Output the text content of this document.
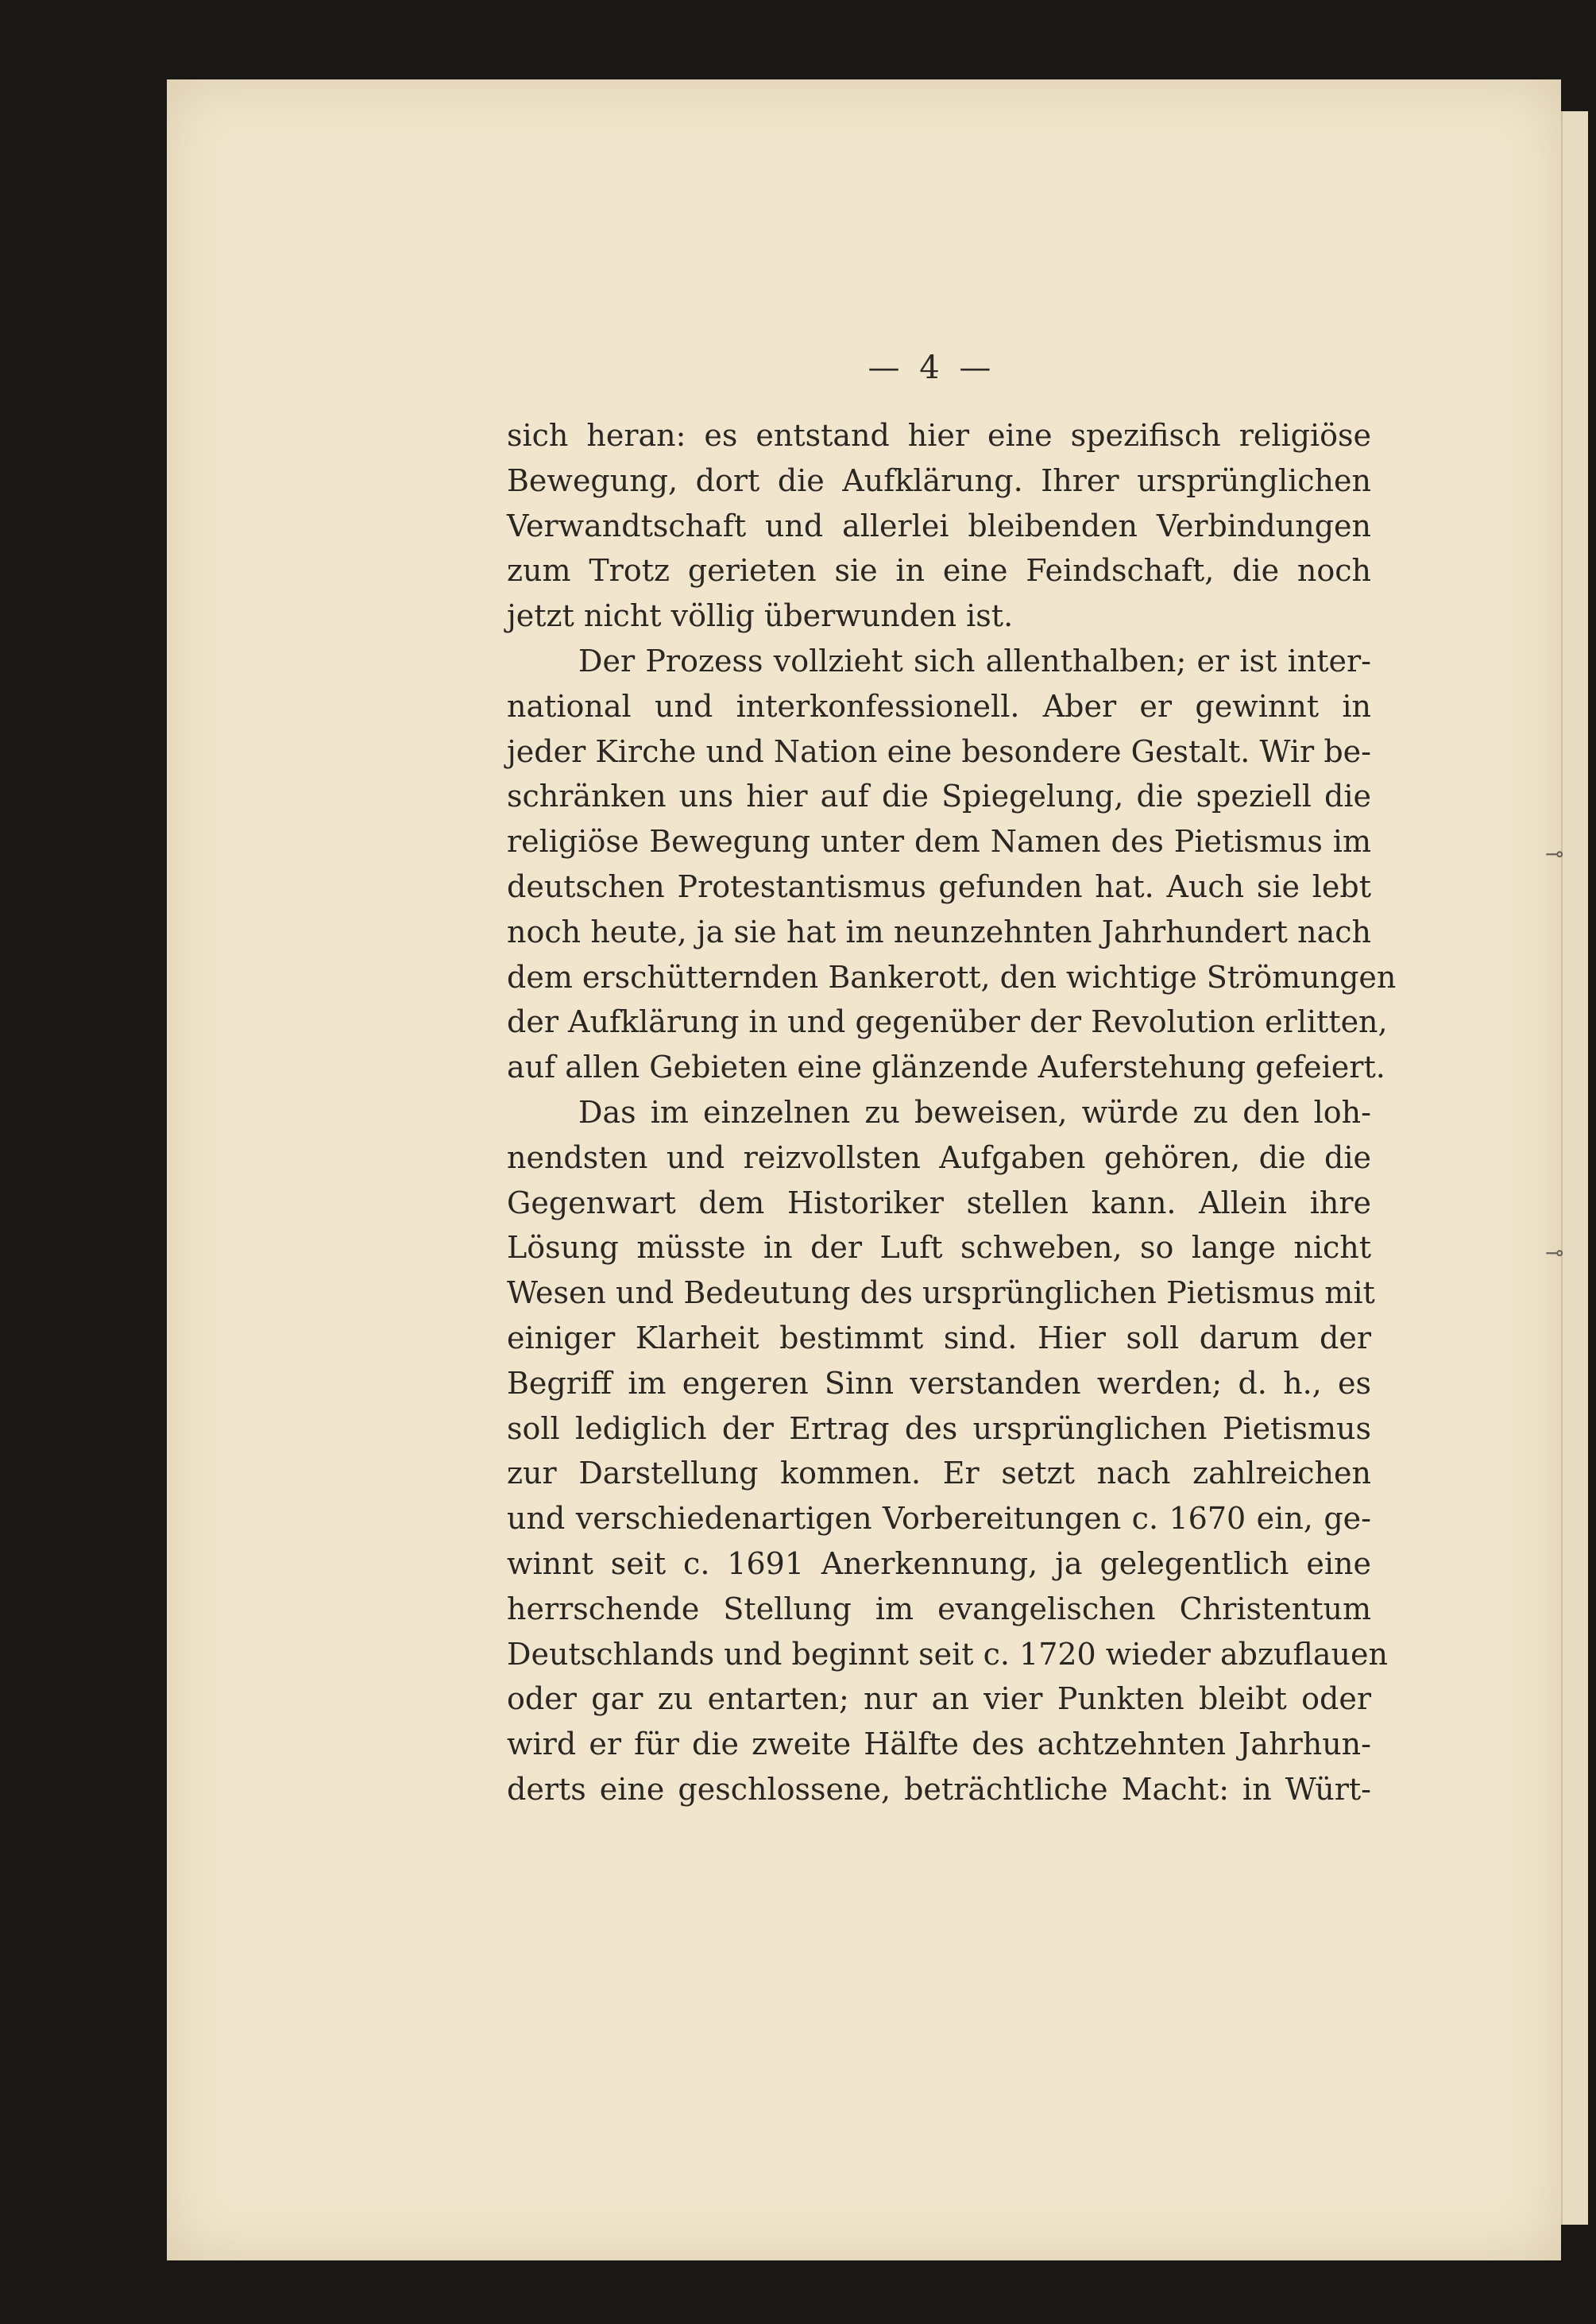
⊸
⊸
— 4 —
sich heran: es entstand hier eine spezifisch religiöse
Bewegung, dort die Aufklärung. Ihrer ursprünglichen
Verwandtschaft und allerlei bleibenden Verbindungen
zum Trotz gerieten sie in eine Feindschaft, die noch
jetzt nicht völlig überwunden ist.
Der Prozess vollzieht sich allenthalben; er ist inter-
national und interkonfessionell. Aber er gewinnt in
jeder Kirche und Nation eine besondere Gestalt. Wir be-
schränken uns hier auf die Spiegelung, die speziell die
religiöse Bewegung unter dem Namen des Pietismus im
deutschen Protestantismus gefunden hat. Auch sie lebt
noch heute, ja sie hat im neunzehnten Jahrhundert nach
dem erschütternden Bankerott, den wichtige Strömungen
der Aufklärung in und gegenüber der Revolution erlitten,
auf allen Gebieten eine glänzende Auferstehung gefeiert.
Das im einzelnen zu beweisen, würde zu den loh-
nendsten und reizvollsten Aufgaben gehören, die die
Gegenwart dem Historiker stellen kann. Allein ihre
Lösung müsste in der Luft schweben, so lange nicht
Wesen und Bedeutung des ursprünglichen Pietismus mit
einiger Klarheit bestimmt sind. Hier soll darum der
Begriff im engeren Sinn verstanden werden; d. h., es
soll lediglich der Ertrag des ursprünglichen Pietismus
zur Darstellung kommen. Er setzt nach zahlreichen
und verschiedenartigen Vorbereitungen c. 1670 ein, ge-
winnt seit c. 1691 Anerkennung, ja gelegentlich eine
herrschende Stellung im evangelischen Christentum
Deutschlands und beginnt seit c. 1720 wieder abzuflauen
oder gar zu entarten; nur an vier Punkten bleibt oder
wird er für die zweite Hälfte des achtzehnten Jahrhun-
derts eine geschlossene, beträchtliche Macht: in Würt-
